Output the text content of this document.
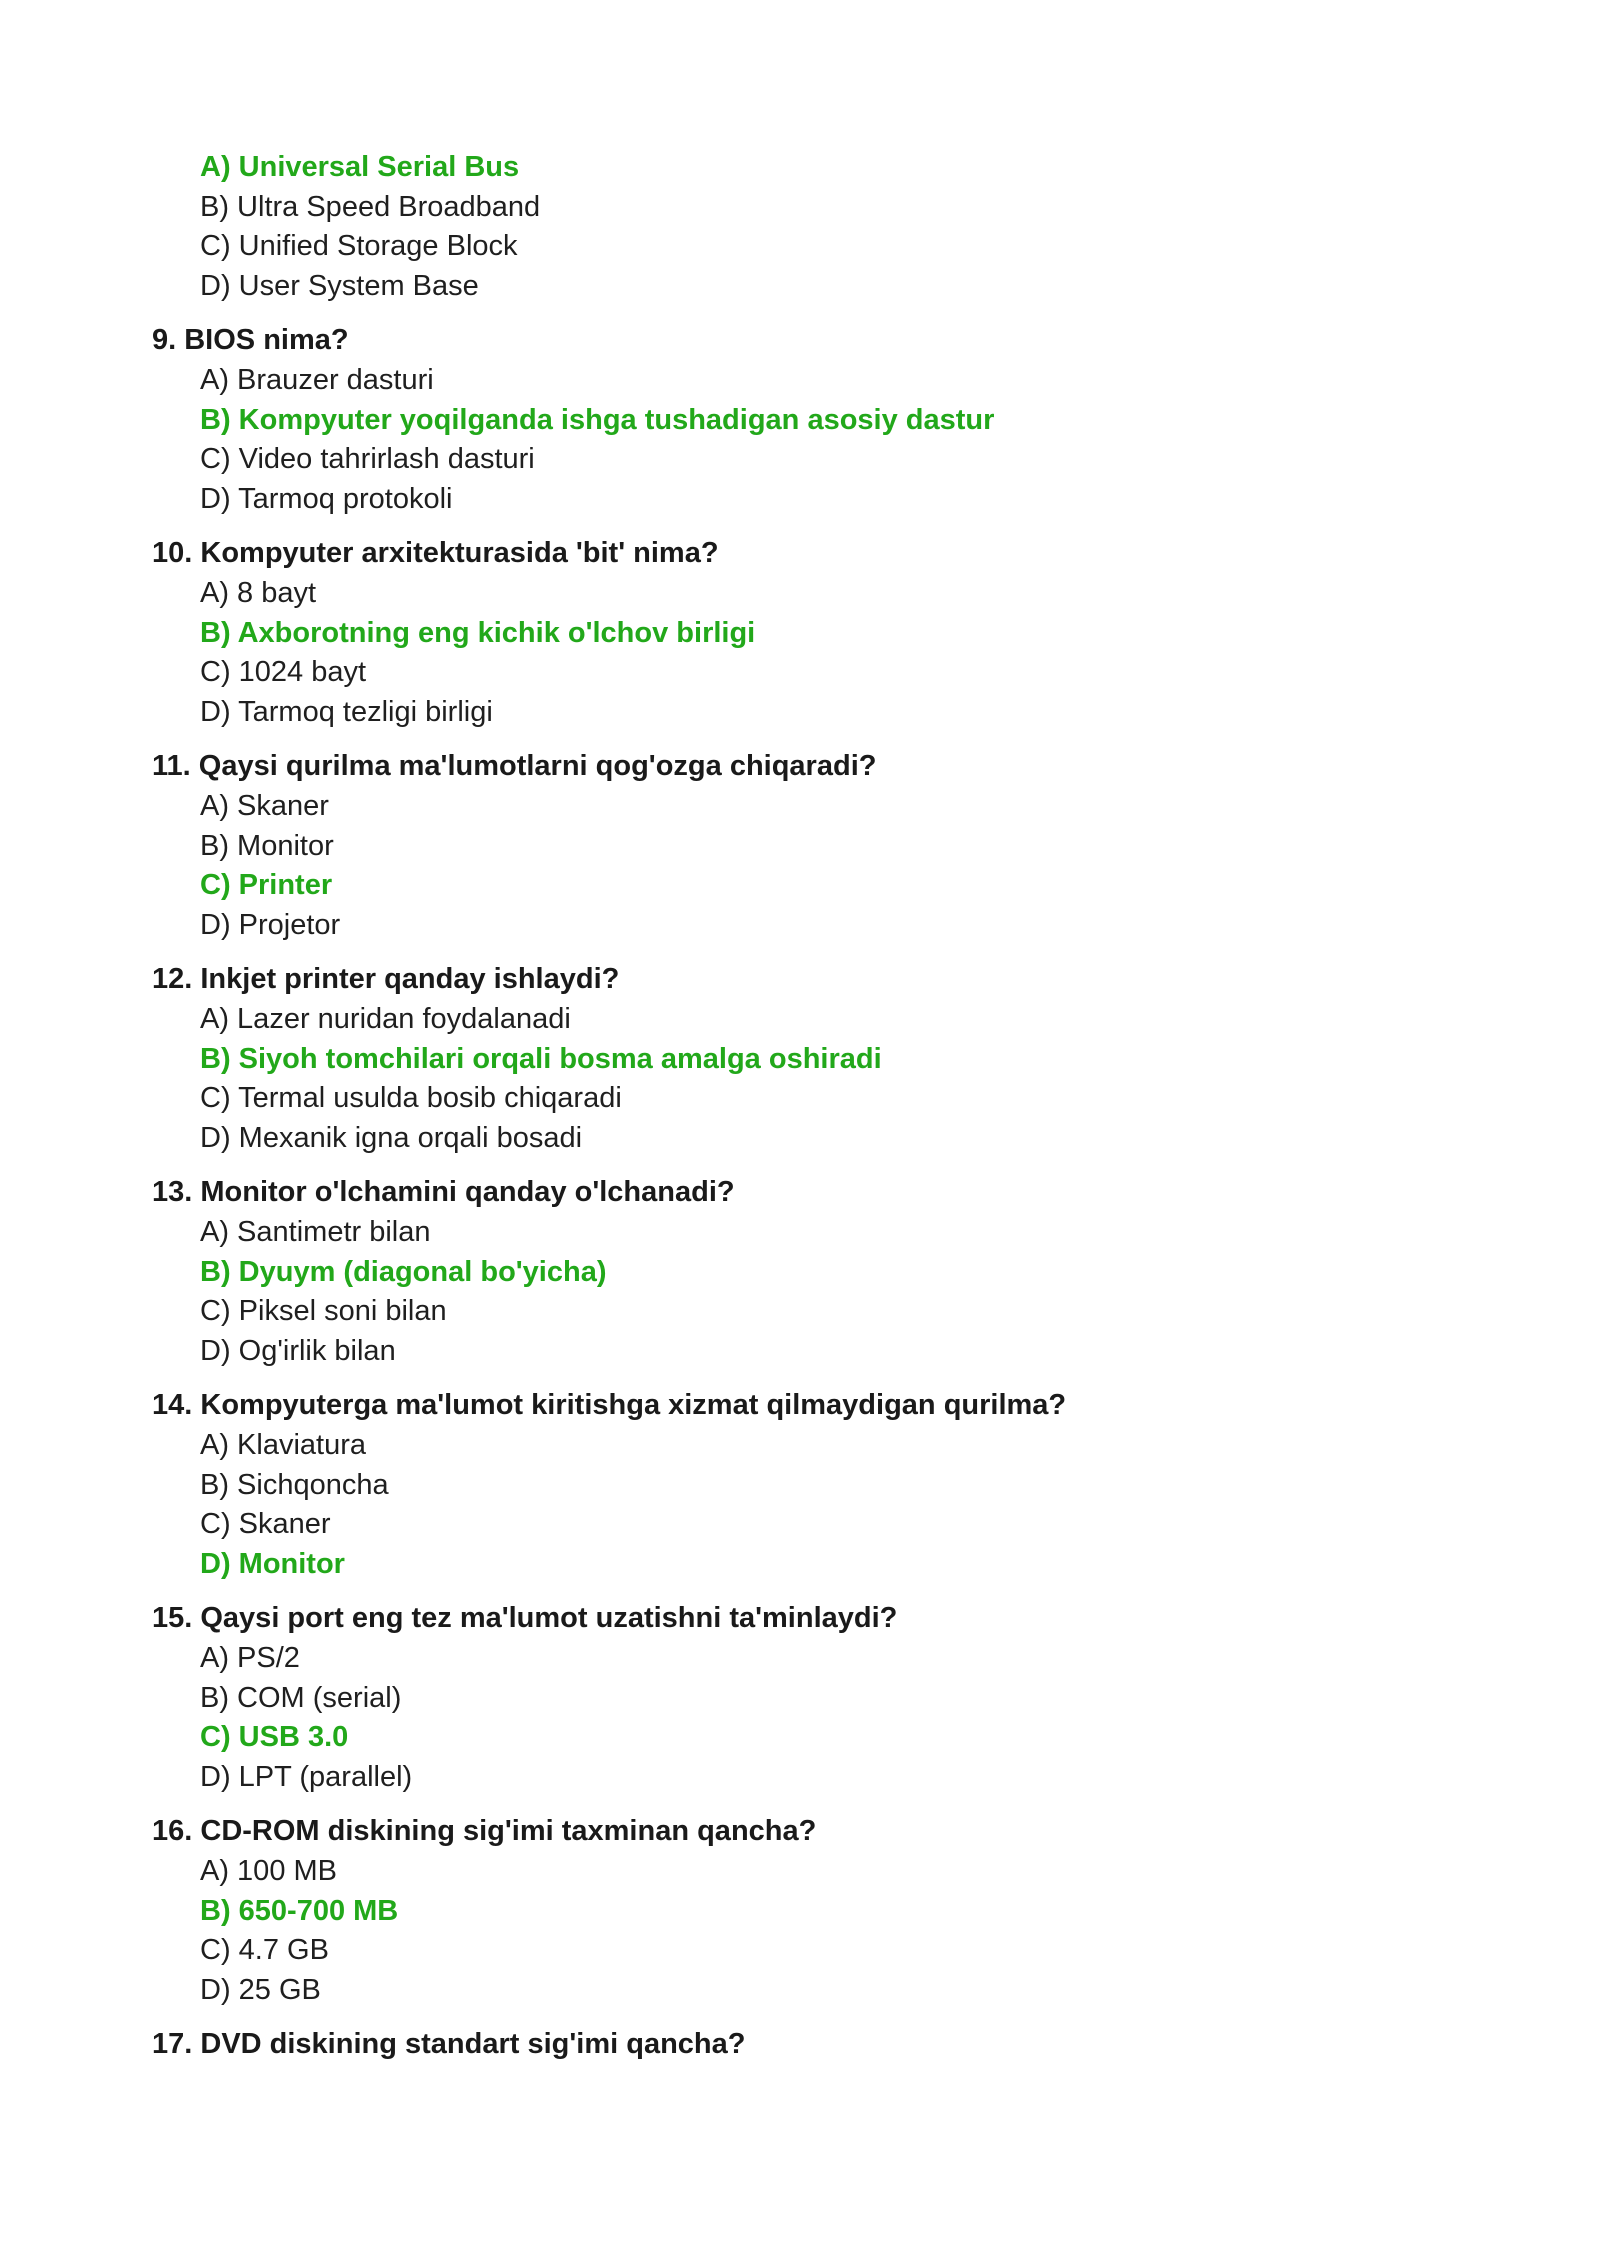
A) Universal Serial Bus
B) Ultra Speed Broadband
C) Unified Storage Block
D) User System Base
9. BIOS nima?
A) Brauzer dasturi
B) Kompyuter yoqilganda ishga tushadigan asosiy dastur
C) Video tahrirlash dasturi
D) Tarmoq protokoli
10. Kompyuter arxitekturasida 'bit' nima?
A) 8 bayt
B) Axborotning eng kichik o'lchov birligi
C) 1024 bayt
D) Tarmoq tezligi birligi
11. Qaysi qurilma ma'lumotlarni qog'ozga chiqaradi?
A) Skaner
B) Monitor
C) Printer
D) Projetor
12. Inkjet printer qanday ishlaydi?
A) Lazer nuridan foydalanadi
B) Siyoh tomchilari orqali bosma amalga oshiradi
C) Termal usulda bosib chiqaradi
D) Mexanik igna orqali bosadi
13. Monitor o'lchamini qanday o'lchanadi?
A) Santimetr bilan
B) Dyuym (diagonal bo'yicha)
C) Piksel soni bilan
D) Og'irlik bilan
14. Kompyuterga ma'lumot kiritishga xizmat qilmaydigan qurilma?
A) Klaviatura
B) Sichqoncha
C) Skaner
D) Monitor
15. Qaysi port eng tez ma'lumot uzatishni ta'minlaydi?
A) PS/2
B) COM (serial)
C) USB 3.0
D) LPT (parallel)
16. CD-ROM diskining sig'imi taxminan qancha?
A) 100 MB
B) 650-700 MB
C) 4.7 GB
D) 25 GB
17. DVD diskining standart sig'imi qancha?
